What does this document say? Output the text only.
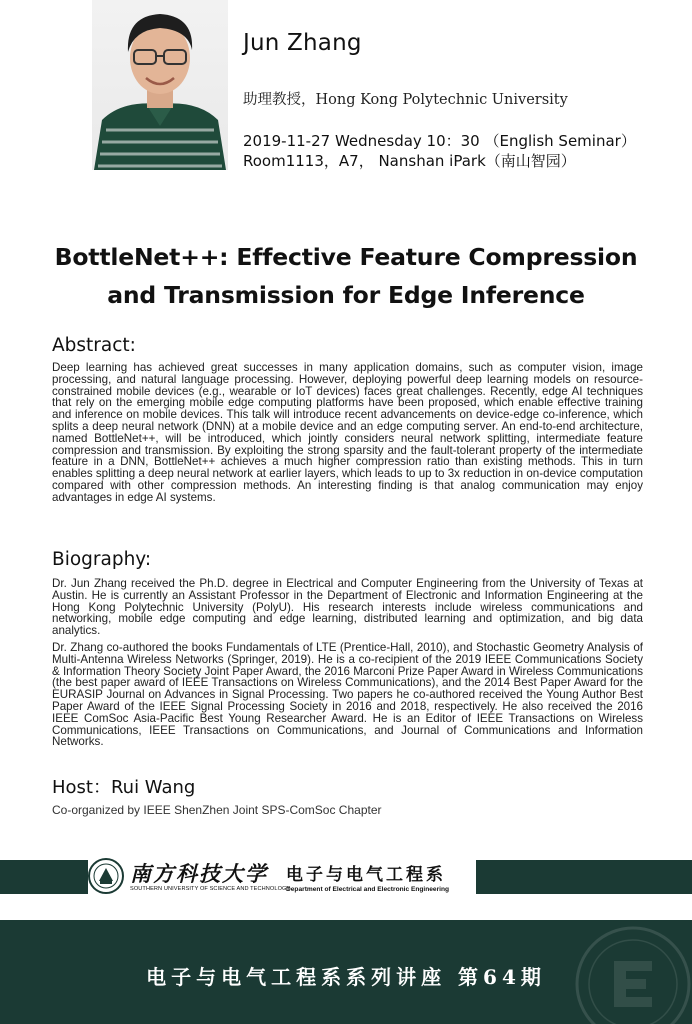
Jun Zhang
助理教授，Hong Kong Polytechnic University
2019-11-27 Wednesday 10：30 （English Seminar）
Room1113，A7， Nanshan iPark（南山智园）
BottleNet++: Effective Feature Compression and Transmission for Edge Inference
Abstract:

Deep learning has achieved great successes in many application domains, such as computer vision, image processing, and natural language processing. However, deploying powerful deep learning models on resource-constrained mobile devices (e.g., wearable or IoT devices) faces great challenges. Recently, edge AI techniques that rely on the emerging mobile edge computing platforms have been proposed, which enable effective training and inference on mobile devices. This talk will introduce recent advancements on device-edge co-inference, which splits a deep neural network (DNN) at a mobile device and an edge computing server. An end-to-end architecture, named BottleNet++, will be introduced, which jointly considers neural network splitting, intermediate feature compression and transmission. By exploiting the strong sparsity and the fault-tolerant property of the intermediate feature in a DNN, BottleNet++ achieves a much higher compression ratio than existing methods. This in turn enables splitting a deep neural network at earlier layers, which leads to up to 3x reduction in on-device computation compared with other compression methods. An interesting finding is that analog communication may enjoy advantages in edge AI systems.

Biography:

Dr. Jun Zhang received the Ph.D. degree in Electrical and Computer Engineering from the University of Texas at Austin. He is currently an Assistant Professor in the Department of Electronic and Information Engineering at the Hong Kong Polytechnic University (PolyU). His research interests include wireless communications and networking, mobile edge computing and edge learning, distributed learning and optimization, and big data analytics.

Dr. Zhang co-authored the books Fundamentals of LTE (Prentice-Hall, 2010), and Stochastic Geometry Analysis of Multi-Antenna Wireless Networks (Springer, 2019). He is a co-recipient of the 2019 IEEE Communications Society & Information Theory Society Joint Paper Award, the 2016 Marconi Prize Paper Award in Wireless Communications (the best paper award of IEEE Transactions on Wireless Communications), and the 2014 Best Paper Award for the EURASIP Journal on Advances in Signal Processing. Two papers he co-authored received the Young Author Best Paper Award of the IEEE Signal Processing Society in 2016 and 2018, respectively. He also received the 2016 IEEE ComSoc Asia-Pacific Best Young Researcher Award. He is an Editor of IEEE Transactions on Wireless Communications, IEEE Transactions on Communications, and Journal of Communications and Information Networks.

Host：Rui Wang
Co-organized by IEEE ShenZhen Joint SPS-ComSoc Chapter
南方科技大学
SOUTHERN UNIVERSITY OF SCIENCE AND TECHNOLOGY
电子与电气工程系
Department of Electrical and Electronic Engineering
电子与电气工程系系列讲座 第64期
